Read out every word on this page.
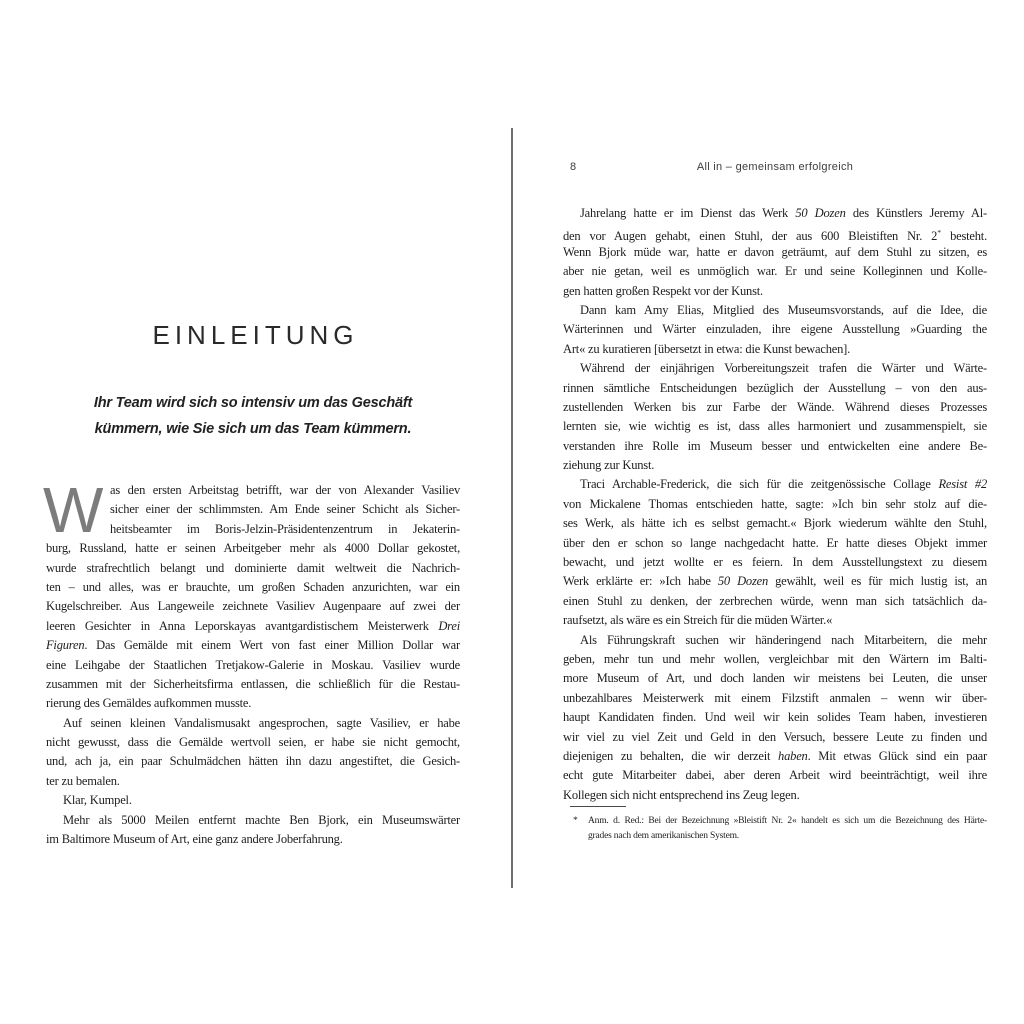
EINLEITUNG
Ihr Team wird sich so intensiv um das Geschäft
kümmern, wie Sie sich um das Team kümmern.
W as den ersten Arbeitstag betrifft, war der von Alexander Vasiliev
sicher einer der schlimmsten. Am Ende seiner Schicht als Sicher-
heitsbeamter im Boris-Jelzin-Präsidentenzentrum in Jekaterin-
burg, Russland, hatte er seinen Arbeitgeber mehr als 4000 Dollar gekostet,
wurde strafrechtlich belangt und dominierte damit weltweit die Nachrich-
ten – und alles, was er brauchte, um großen Schaden anzurichten, war ein
Kugelschreiber. Aus Langeweile zeichnete Vasiliev Augenpaare auf zwei der
leeren Gesichter in Anna Leporskayas avantgardistischem Meisterwerk Drei
Figuren. Das Gemälde mit einem Wert von fast einer Million Dollar war
eine Leihgabe der Staatlichen Tretjakow-Galerie in Moskau. Vasiliev wurde
zusammen mit der Sicherheitsfirma entlassen, die schließlich für die Restau-
rierung des Gemäldes aufkommen musste.
Auf seinen kleinen Vandalismusakt angesprochen, sagte Vasiliev, er habe
nicht gewusst, dass die Gemälde wertvoll seien, er habe sie nicht gemocht,
und, ach ja, ein paar Schulmädchen hätten ihn dazu angestiftet, die Gesich-
ter zu bemalen.
Klar, Kumpel.
Mehr als 5000 Meilen entfernt machte Ben Bjork, ein Museumswärter
im Baltimore Museum of Art, eine ganz andere Joberfahrung.
8	All in – gemeinsam erfolgreich
Jahrelang hatte er im Dienst das Werk 50 Dozen des Künstlers Jeremy Al-
den vor Augen gehabt, einen Stuhl, der aus 600 Bleistiften Nr. 2* besteht.
Wenn Bjork müde war, hatte er davon geträumt, auf dem Stuhl zu sitzen, es
aber nie getan, weil es unmöglich war. Er und seine Kolleginnen und Kolle-
gen hatten großen Respekt vor der Kunst.
Dann kam Amy Elias, Mitglied des Museumsvorstands, auf die Idee, die
Wärterinnen und Wärter einzuladen, ihre eigene Ausstellung »Guarding the
Art« zu kuratieren [übersetzt in etwa: die Kunst bewachen].
Während der einjährigen Vorbereitungszeit trafen die Wärter und Wärte-
rinnen sämtliche Entscheidungen bezüglich der Ausstellung – von den aus-
zustellenden Werken bis zur Farbe der Wände. Während dieses Prozesses
lernten sie, wie wichtig es ist, dass alles harmoniert und zusammenspielt, sie
verstanden ihre Rolle im Museum besser und entwickelten eine andere Be-
ziehung zur Kunst.
Traci Archable-Frederick, die sich für die zeitgenössische Collage Resist #2
von Mickalene Thomas entschieden hatte, sagte: »Ich bin sehr stolz auf die-
ses Werk, als hätte ich es selbst gemacht.« Bjork wiederum wählte den Stuhl,
über den er schon so lange nachgedacht hatte. Er hatte dieses Objekt immer
bewacht, und jetzt wollte er es feiern. In dem Ausstellungstext zu diesem
Werk erklärte er: »Ich habe 50 Dozen gewählt, weil es für mich lustig ist, an
einen Stuhl zu denken, der zerbrechen würde, wenn man sich tatsächlich da-
raufsetzt, als wäre es ein Streich für die müden Wärter.«
Als Führungskraft suchen wir händeringend nach Mitarbeitern, die mehr
geben, mehr tun und mehr wollen, vergleichbar mit den Wärtern im Balti-
more Museum of Art, und doch landen wir meistens bei Leuten, die unser
unbezahlbares Meisterwerk mit einem Filzstift anmalen – wenn wir über-
haupt Kandidaten finden. Und weil wir kein solides Team haben, investieren
wir viel zu viel Zeit und Geld in den Versuch, bessere Leute zu finden und
diejenigen zu behalten, die wir derzeit haben. Mit etwas Glück sind ein paar
echt gute Mitarbeiter dabei, aber deren Arbeit wird beeinträchtigt, weil ihre
Kollegen sich nicht entsprechend ins Zeug legen.
* Anm. d. Red.: Bei der Bezeichnung »Bleistift Nr. 2« handelt es sich um die Bezeichnung des Härte-
grades nach dem amerikanischen System.
